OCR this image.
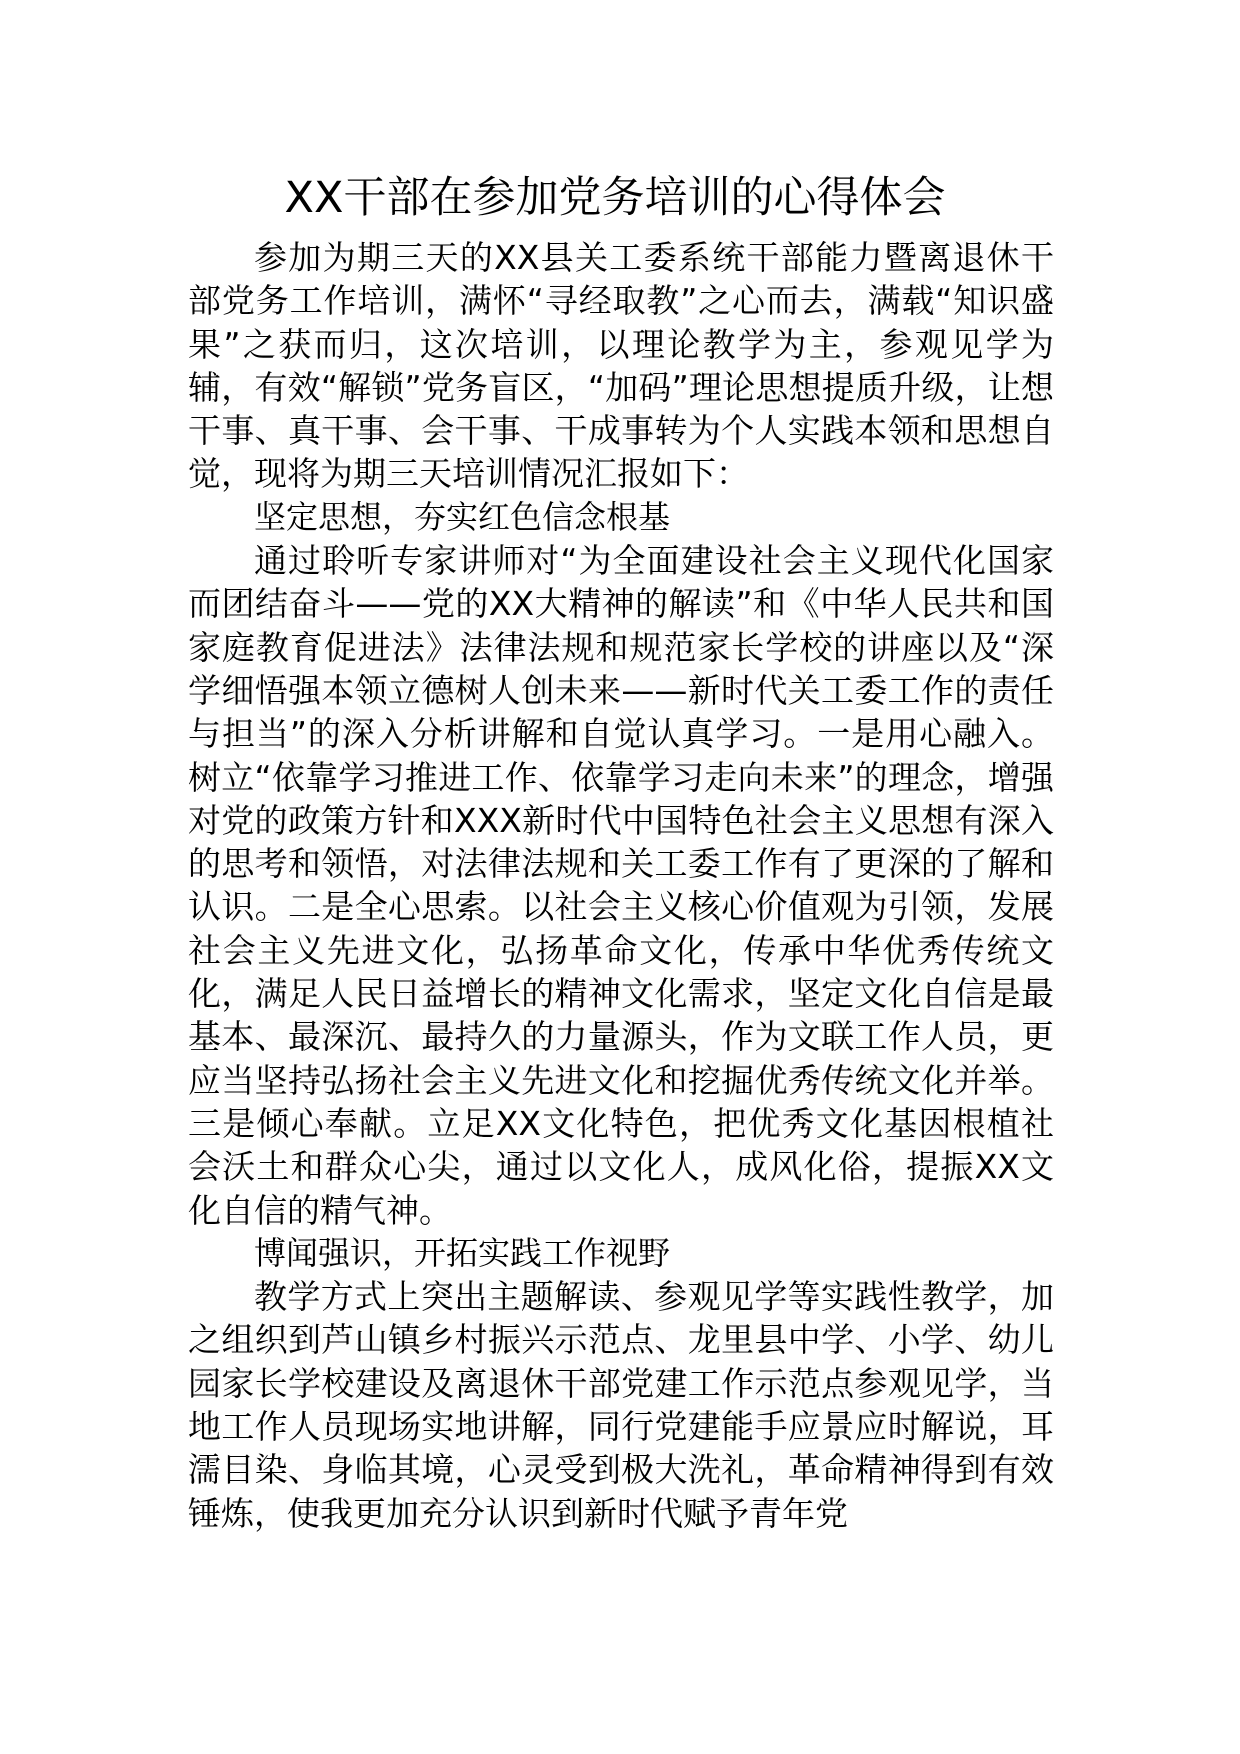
XX干部在参加党务培训的心得体会

参加为期三天的XX县关工委系统干部能力暨离退休干部党务工作培训，满怀“寻经取教”之心而去，满载“知识盛果”之获而归，这次培训，以理论教学为主，参观见学为辅，有效“解锁”党务盲区，“加码”理论思想提质升级，让想干事、真干事、会干事、干成事转为个人实践本领和思想自觉，现将为期三天培训情况汇报如下：

坚定思想，夯实红色信念根基

通过聆听专家讲师对“为全面建设社会主义现代化国家而团结奋斗——党的XX大精神的解读”和《中华人民共和国家庭教育促进法》法律法规和规范家长学校的讲座以及“深学细悟强本领立德树人创未来——新时代关工委工作的责任与担当”的深入分析讲解和自觉认真学习。一是用心融入。树立“依靠学习推进工作、依靠学习走向未来”的理念，增强对党的政策方针和XXX新时代中国特色社会主义思想有深入的思考和领悟，对法律法规和关工委工作有了更深的了解和认识。二是全心思索。以社会主义核心价值观为引领，发展社会主义先进文化，弘扬革命文化，传承中华优秀传统文化，满足人民日益增长的精神文化需求，坚定文化自信是最基本、最深沉、最持久的力量源头，作为文联工作人员，更应当坚持弘扬社会主义先进文化和挖掘优秀传统文化并举。三是倾心奉献。立足XX文化特色，把优秀文化基因根植社会沃土和群众心尖，通过以文化人，成风化俗，提振XX文化自信的精气神。

博闻强识，开拓实践工作视野

教学方式上突出主题解读、参观见学等实践性教学，加之组织到芦山镇乡村振兴示范点、龙里县中学、小学、幼儿园家长学校建设及离退休干部党建工作示范点参观见学，当地工作人员现场实地讲解，同行党建能手应景应时解说，耳濡目染、身临其境，心灵受到极大洗礼，革命精神得到有效锤炼，使我更加充分认识到新时代赋予青年党
